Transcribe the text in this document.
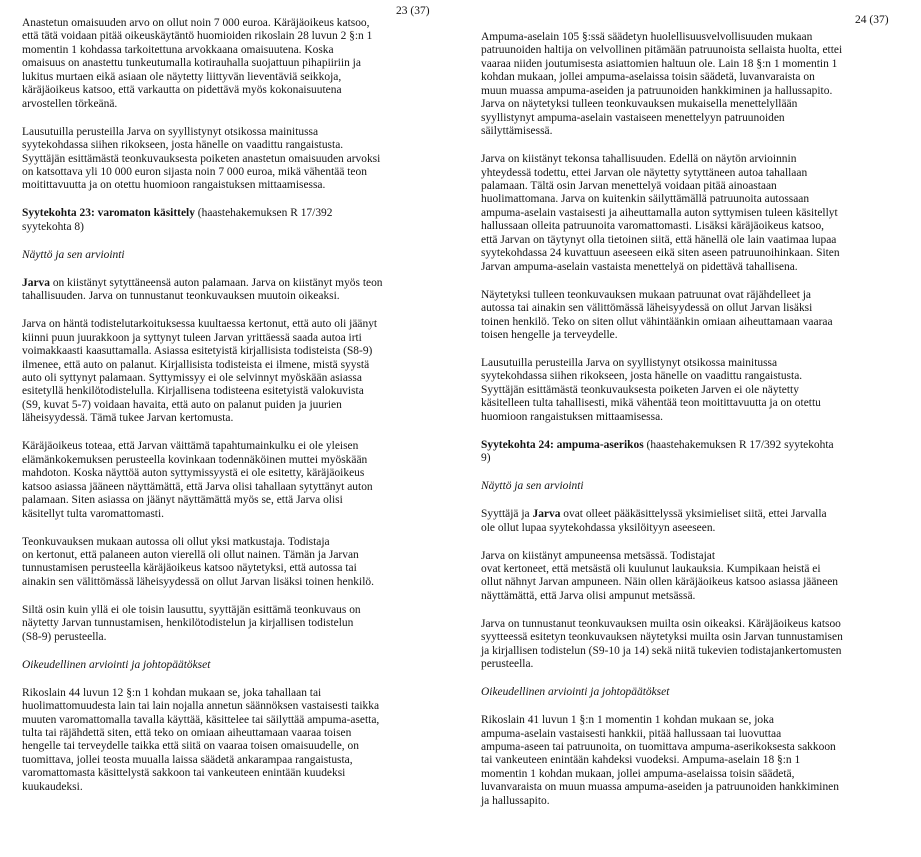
23 (37)

Anastetun omaisuuden arvo on ollut noin 7 000 euroa. Käräjäoikeus katsoo,
että tätä voidaan pitää oikeuskäytäntö huomioiden rikoslain 28 luvun 2 §:n 1
momentin 1 kohdassa tarkoitettuna arvokkaana omaisuutena. Koska
omaisuus on anastettu tunkeutumalla kotirauhalla suojattuun pihapiiriin ja
lukitus murtaen eikä asiaan ole näytetty liittyvän lieventäviä seikkoja,
käräjäoikeus katsoo, että varkautta on pidettävä myös kokonaisuutena
arvostellen törkeänä.

Lausutuilla perusteilla Jarva on syyllistynyt otsikossa mainitussa
syytekohdassa siihen rikokseen, josta hänelle on vaadittu rangaistusta.
Syyttäjän esittämästä teonkuvauksesta poiketen anastetun omaisuuden arvoksi
on katsottava yli 10 000 euron sijasta noin 7 000 euroa, mikä vähentää teon
moitittavuutta ja on otettu huomioon rangaistuksen mittaamisessa.

Syytekohta 23: varomaton käsittely (haastehakemuksen R 17/392
syytekohta 8)

Näyttö ja sen arviointi

Jarva on kiistänyt sytyttäneensä auton palamaan. Jarva on kiistänyt myös teon
tahallisuuden. Jarva on tunnustanut teonkuvauksen muutoin oikeaksi.

Jarva on häntä todistelutarkoituksessa kuultaessa kertonut, että auto oli jäänyt
kiinni puun juurakkoon ja syttynyt tuleen Jarvan yrittäessä saada autoa irti
voimakkaasti kaasuttamalla. Asiassa esitetyistä kirjallisista todisteista (S8-9)
ilmenee, että auto on palanut. Kirjallisista todisteista ei ilmene, mistä syystä
auto oli syttynyt palamaan. Syttymissyy ei ole selvinnyt myöskään asiassa
esitetyllä henkilötodistelulla. Kirjallisena todisteena esitetyistä valokuvista
(S9, kuvat 5-7) voidaan havaita, että auto on palanut puiden ja juurien
läheisyydessä. Tämä tukee Jarvan kertomusta.

Käräjäoikeus toteaa, että Jarvan väittämä tapahtumainkulku ei ole yleisen
elämänkokemuksen perusteella kovinkaan todennäköinen muttei myöskään
mahdoton. Koska näyttöä auton syttymissyystä ei ole esitetty, käräjäoikeus
katsoo asiassa jääneen näyttämättä, että Jarva olisi tahallaan sytyttänyt auton
palamaan. Siten asiassa on jäänyt näyttämättä myös se, että Jarva olisi
käsitellyt tulta varomattomasti.

Teonkuvauksen mukaan autossa oli ollut yksi matkustaja. Todistaja
on kertonut, että palaneen auton vierellä oli ollut nainen. Tämän ja Jarvan
tunnustamisen perusteella käräjäoikeus katsoo näytetyksi, että autossa tai
ainakin sen välittömässä läheisyydessä on ollut Jarvan lisäksi toinen henkilö.

Siltä osin kuin yllä ei ole toisin lausuttu, syyttäjän esittämä teonkuvaus on
näytetty Jarvan tunnustamisen, henkilötodistelun ja kirjallisen todistelun
(S8-9) perusteella.

Oikeudellinen arviointi ja johtopäätökset

Rikoslain 44 luvun 12 §:n 1 kohdan mukaan se, joka tahallaan tai
huolimattomuudesta lain tai lain nojalla annetun säännöksen vastaisesti taikka
muuten varomattomalla tavalla käyttää, käsittelee tai säilyttää ampuma-asetta,
tulta tai räjähdettä siten, että teko on omiaan aiheuttamaan vaaraa toisen
hengelle tai terveydelle taikka että siitä on vaaraa toisen omaisuudelle, on
tuomittava, jollei teosta muualla laissa säädetä ankarampaa rangaistusta,
varomattomasta käsittelystä sakkoon tai vankeuteen enintään kuudeksi
kuukaudeksi.

24 (37)

Ampuma-aselain 105 §:ssä säädetyn huolellisuusvelvollisuuden mukaan
patruunoiden haltija on velvollinen pitämään patruunoista sellaista huolta, ettei
vaaraa niiden joutumisesta asiattomien haltuun ole. Lain 18 §:n 1 momentin 1
kohdan mukaan, jollei ampuma-aselaissa toisin säädetä, luvanvaraista on
muun muassa ampuma-aseiden ja patruunoiden hankkiminen ja hallussapito.
Jarva on näytetyksi tulleen teonkuvauksen mukaisella menettelyllään
syyllistynyt ampuma-aselain vastaiseen menettelyyn patruunoiden
säilyttämisessä.

Jarva on kiistänyt tekonsa tahallisuuden. Edellä on näytön arvioinnin
yhteydessä todettu, ettei Jarvan ole näytetty sytyttäneen autoa tahallaan
palamaan. Tältä osin Jarvan menettelyä voidaan pitää ainoastaan
huolimattomana. Jarva on kuitenkin säilyttämällä patruunoita autossaan
ampuma-aselain vastaisesti ja aiheuttamalla auton syttymisen tuleen käsitellyt
hallussaan olleita patruunoita varomattomasti. Lisäksi käräjäoikeus katsoo,
että Jarvan on täytynyt olla tietoinen siitä, että hänellä ole lain vaatimaa lupaa
syytekohdassa 24 kuvattuun aseeseen eikä siten aseen patruunoihinkaan. Siten
Jarvan ampuma-aselain vastaista menettelyä on pidettävä tahallisena.

Näytetyksi tulleen teonkuvauksen mukaan patruunat ovat räjähdelleet ja
autossa tai ainakin sen välittömässä läheisyydessä on ollut Jarvan lisäksi
toinen henkilö. Teko on siten ollut vähintäänkin omiaan aiheuttamaan vaaraa
toisen hengelle ja terveydelle.

Lausutuilla perusteilla Jarva on syyllistynyt otsikossa mainitussa
syytekohdassa siihen rikokseen, josta hänelle on vaadittu rangaistusta.
Syyttäjän esittämästä teonkuvauksesta poiketen Jarven ei ole näytetty
käsitelleen tulta tahallisesti, mikä vähentää teon moitittavuutta ja on otettu
huomioon rangaistuksen mittaamisessa.

Syytekohta 24: ampuma-aserikos (haastehakemuksen R 17/392 syytekohta
9)

Näyttö ja sen arviointi

Syyttäjä ja Jarva ovat olleet pääkäsittelyssä yksimieliset siitä, ettei Jarvalla
ole ollut lupaa syytekohdassa yksilöityyn aseeseen.

Jarva on kiistänyt ampuneensa metsässä. Todistajat
ovat kertoneet, että metsästä oli kuulunut laukauksia. Kumpikaan heistä ei
ollut nähnyt Jarvan ampuneen. Näin ollen käräjäoikeus katsoo asiassa jääneen
näyttämättä, että Jarva olisi ampunut metsässä.

Jarva on tunnustanut teonkuvauksen muilta osin oikeaksi. Käräjäoikeus katsoo
syytteessä esitetyn teonkuvauksen näytetyksi muilta osin Jarvan tunnustamisen
ja kirjallisen todistelun (S9-10 ja 14) sekä niitä tukevien todistajankertomusten
perusteella.

Oikeudellinen arviointi ja johtopäätökset

Rikoslain 41 luvun 1 §:n 1 momentin 1 kohdan mukaan se, joka
ampuma-aselain vastaisesti hankkii, pitää hallussaan tai luovuttaa
ampuma-aseen tai patruunoita, on tuomittava ampuma-aserikoksesta sakkoon
tai vankeuteen enintään kahdeksi vuodeksi. Ampuma-aselain 18 §:n 1
momentin 1 kohdan mukaan, jollei ampuma-aselaissa toisin säädetä,
luvanvaraista on muun muassa ampuma-aseiden ja patruunoiden hankkiminen
ja hallussapito.
